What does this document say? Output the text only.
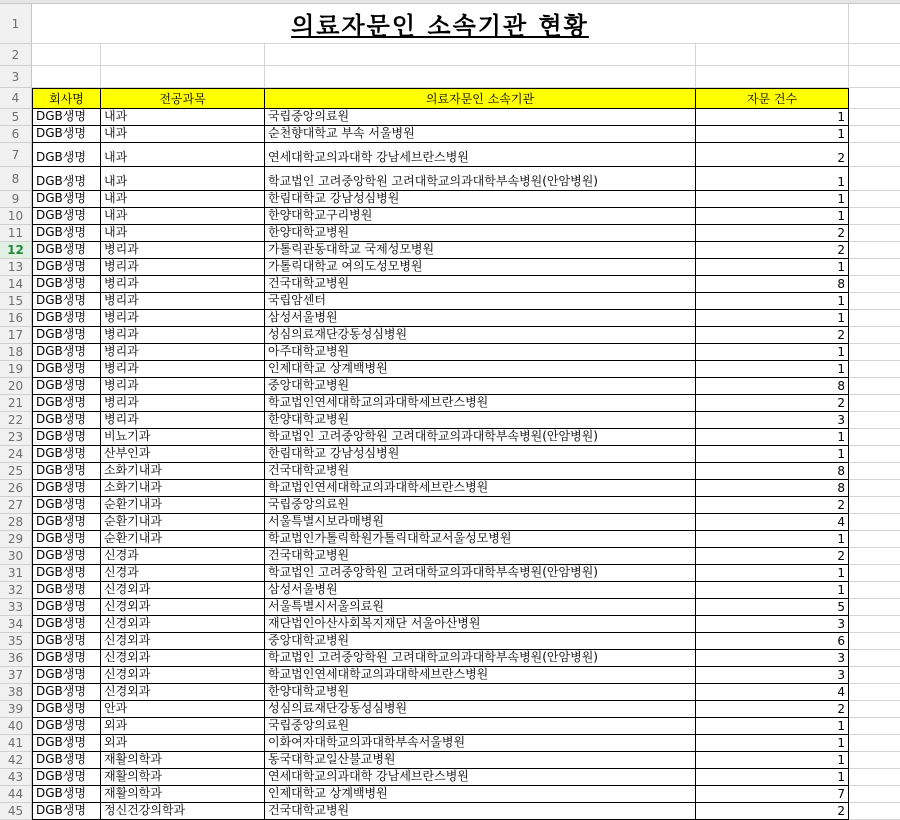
1	의료자문인 소속기관 현황
2
3
4	회사명	전공과목	의료자문인 소속기관	자문 건수
5	DGB생명	내과	국립중앙의료원	1
6	DGB생명	내과	순천향대학교 부속 서울병원	1
7	DGB생명	내과	연세대학교의과대학 강남세브란스병원	2
8	DGB생명	내과	학교법인 고려중앙학원 고려대학교의과대학부속병원(안암병원)	1
9	DGB생명	내과	한림대학교 강남성심병원	1
10	DGB생명	내과	한양대학교구리병원	1
11	DGB생명	내과	한양대학교병원	2
12	DGB생명	병리과	가톨릭관동대학교 국제성모병원	2
13	DGB생명	병리과	가톨릭대학교 여의도성모병원	1
14	DGB생명	병리과	건국대학교병원	8
15	DGB생명	병리과	국립암센터	1
16	DGB생명	병리과	삼성서울병원	1
17	DGB생명	병리과	성심의료재단강동성심병원	2
18	DGB생명	병리과	아주대학교병원	1
19	DGB생명	병리과	인제대학교 상계백병원	1
20	DGB생명	병리과	중앙대학교병원	8
21	DGB생명	병리과	학교법인연세대학교의과대학세브란스병원	2
22	DGB생명	병리과	한양대학교병원	3
23	DGB생명	비뇨기과	학교법인 고려중앙학원 고려대학교의과대학부속병원(안암병원)	1
24	DGB생명	산부인과	한림대학교 강남성심병원	1
25	DGB생명	소화기내과	건국대학교병원	8
26	DGB생명	소화기내과	학교법인연세대학교의과대학세브란스병원	8
27	DGB생명	순환기내과	국립중앙의료원	2
28	DGB생명	순환기내과	서울특별시보라매병원	4
29	DGB생명	순환기내과	학교법인가톨릭학원가톨릭대학교서울성모병원	1
30	DGB생명	신경과	건국대학교병원	2
31	DGB생명	신경과	학교법인 고려중앙학원 고려대학교의과대학부속병원(안암병원)	1
32	DGB생명	신경외과	삼성서울병원	1
33	DGB생명	신경외과	서울특별시서울의료원	5
34	DGB생명	신경외과	재단법인아산사회복지재단 서울아산병원	3
35	DGB생명	신경외과	중앙대학교병원	6
36	DGB생명	신경외과	학교법인 고려중앙학원 고려대학교의과대학부속병원(안암병원)	3
37	DGB생명	신경외과	학교법인연세대학교의과대학세브란스병원	3
38	DGB생명	신경외과	한양대학교병원	4
39	DGB생명	안과	성심의료재단강동성심병원	2
40	DGB생명	외과	국립중앙의료원	1
41	DGB생명	외과	이화여자대학교의과대학부속서울병원	1
42	DGB생명	재활의학과	동국대학교일산불교병원	1
43	DGB생명	재활의학과	연세대학교의과대학 강남세브란스병원	1
44	DGB생명	재활의학과	인제대학교 상계백병원	7
45	DGB생명	정신건강의학과	건국대학교병원	2
